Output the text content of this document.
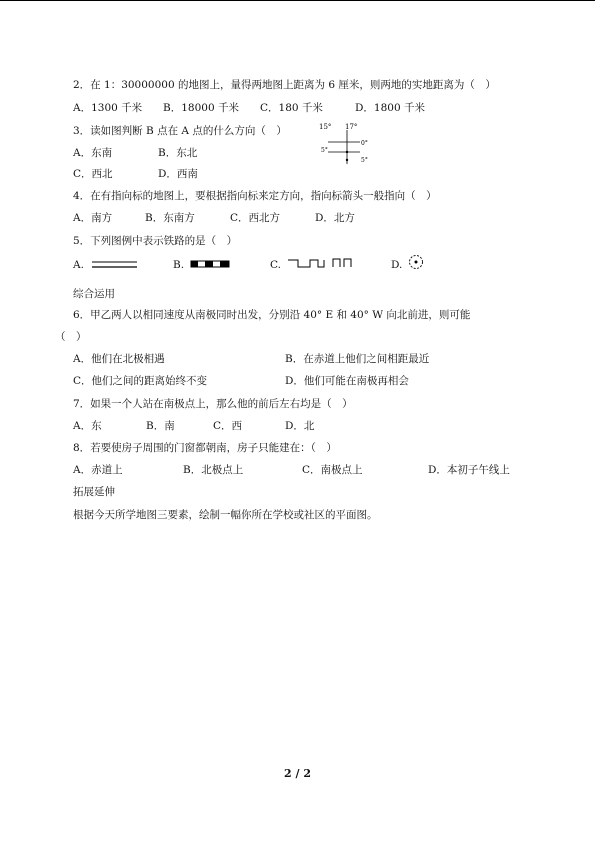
2．在 1：30000000 的地图上，量得两地图上距离为 6 厘米，则两地的实地距离为（　）
A．1300 千米 B．18000 千米 C．180 千米	D．1800 千米
3．读如图判断 B 点在 A 点的什么方向（　）
A．东南	B．东北
C．西北	D．西南
15° 17°
0°
5°
5°
4．在有指向标的地图上，要根据指向标来定方向，指向标箭头一般指向（　）
A．南方	B．东南方	C．西北方	D．北方
5．下列图例中表示铁路的是（　）
A.	B.	C.	D.
综合运用
6．甲乙两人以相同速度从南极同时出发，分别沿 40° E 和 40° W 向北前进，则可能
（　）
A．他们在北极相遇	B．在赤道上他们之间相距最近
C．他们之间的距离始终不变	D．他们可能在南极再相会
7．如果一个人站在南极点上，那么他的前后左右均是（　）
A．东	B．南	C．西	D．北
8．若要使房子周围的门窗都朝南，房子只能建在：（　）
A．赤道上	B．北极点上	C．南极点上	D．本初子午线上
拓展延伸
根据今天所学地图三要素，绘制一幅你所在学校或社区的平面图。
2 / 2
